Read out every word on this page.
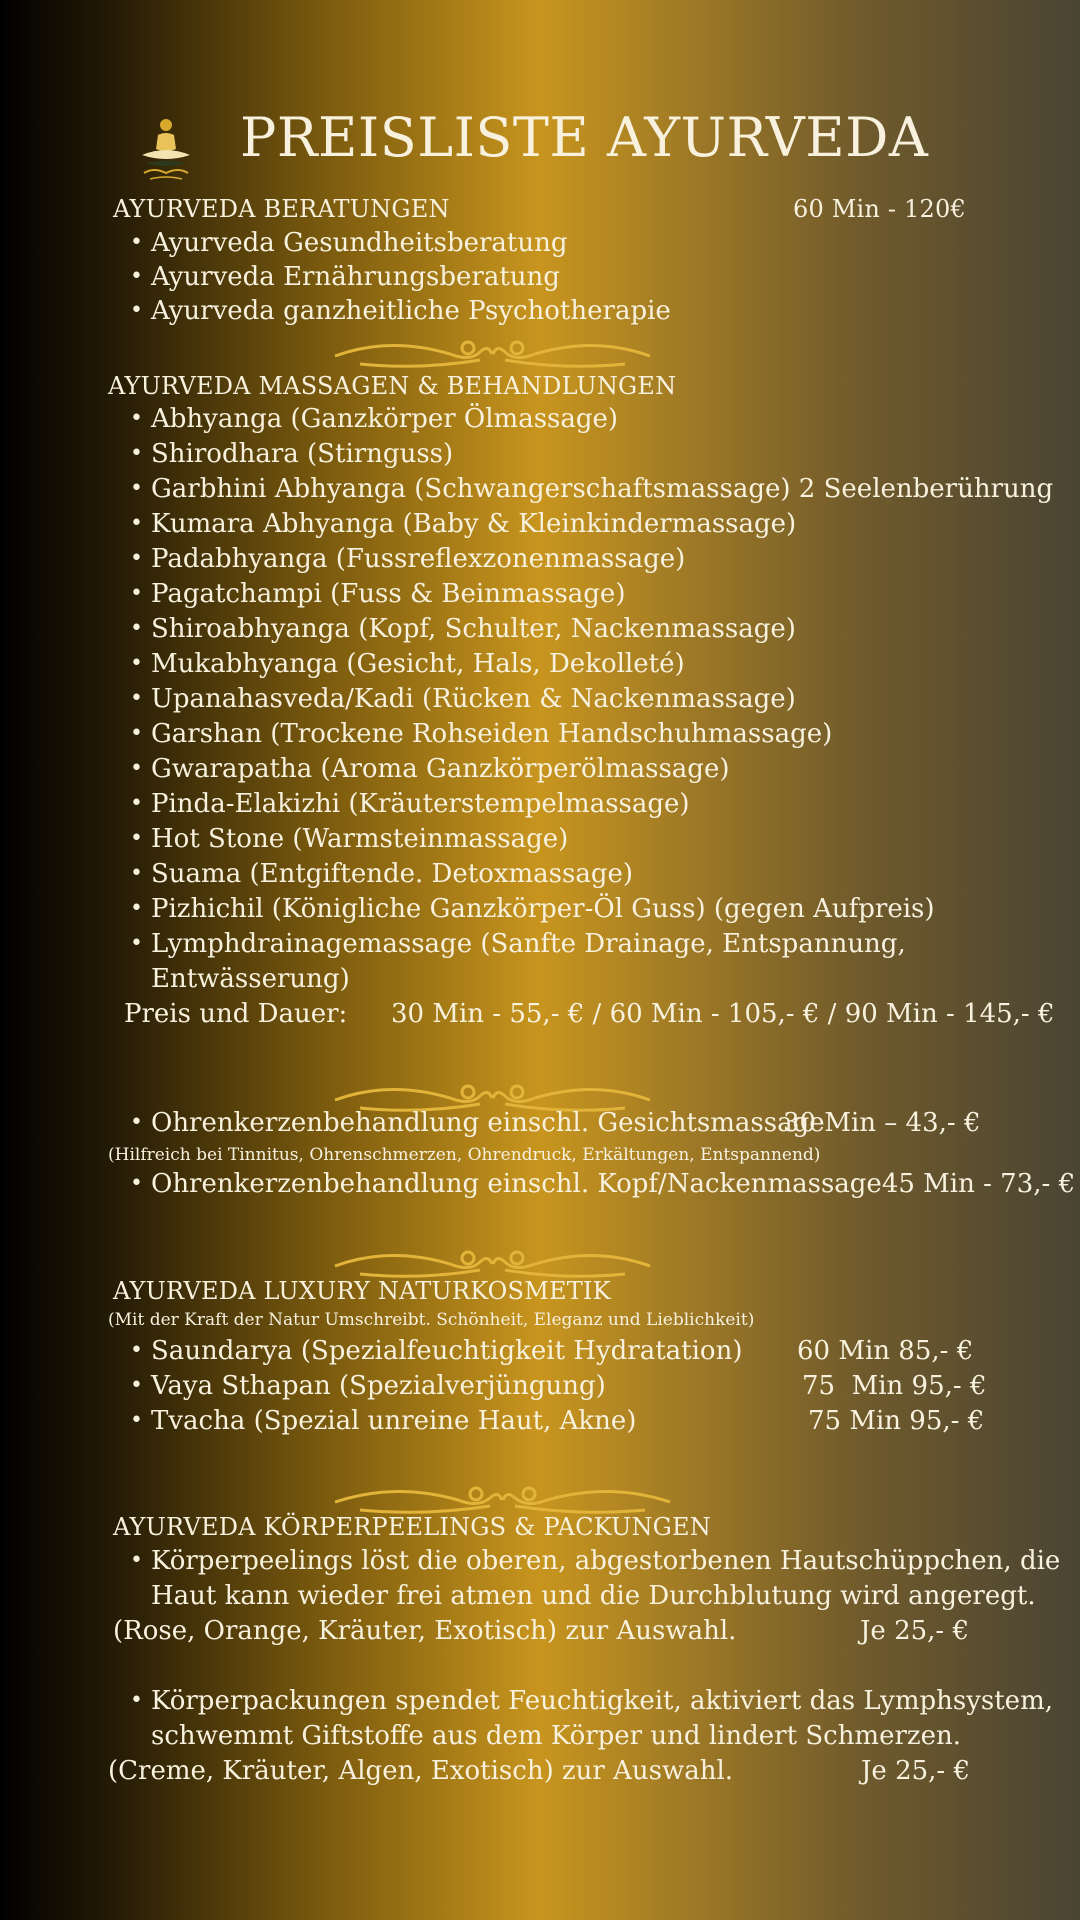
PREISLISTE AYURVEDA
AYURVEDA BERATUNGEN	60 Min - 120€
• Ayurveda Gesundheitsberatung
• Ayurveda Ernährungsberatung
• Ayurveda ganzheitliche Psychotherapie
AYURVEDA MASSAGEN & BEHANDLUNGEN
• Abhyanga (Ganzkörper Ölmassage)
• Shirodhara (Stirnguss)
• Garbhini Abhyanga (Schwangerschaftsmassage) 2 Seelenberührung
• Kumara Abhyanga (Baby & Kleinkindermassage)
• Padabhyanga (Fussreflexzonenmassage)
• Pagatchampi (Fuss & Beinmassage)
• Shiroabhyanga (Kopf, Schulter, Nackenmassage)
• Mukabhyanga (Gesicht, Hals, Dekolleté)
• Upanahasveda/Kadi (Rücken & Nackenmassage)
• Garshan (Trockene Rohseiden Handschuhmassage)
• Gwarapatha (Aroma Ganzkörperölmassage)
• Pinda-Elakizhi (Kräuterstempelmassage)
• Hot Stone (Warmsteinmassage)
• Suama (Entgiftende. Detoxmassage)
• Pizhichil (Königliche Ganzkörper-Öl Guss) (gegen Aufpreis)
• Lymphdrainagemassage (Sanfte Drainage, Entspannung,
Entwässerung)
Preis und Dauer: 30 Min - 55,- € / 60 Min - 105,- € / 90 Min - 145,- €
• Ohrenkerzenbehandlung einschl. Gesichtsmassage
30 Min – 43,- €
(Hilfreich bei Tinnitus, Ohrenschmerzen, Ohrendruck, Erkältungen, Entspannend)
• Ohrenkerzenbehandlung einschl. Kopf/Nackenmassage45 Min - 73,- €
AYURVEDA LUXURY NATURKOSMETIK
(Mit der Kraft der Natur Umschreibt. Schönheit, Eleganz und Lieblichkeit)
• Saundarya (Spezialfeuchtigkeit Hydratation) 60 Min 85,- €
• Vaya Sthapan (Spezialverjüngung)	75  Min 95,- €
• Tvacha (Spezial unreine Haut, Akne)	75 Min 95,- €
AYURVEDA KÖRPERPEELINGS & PACKUNGEN
• Körperpeelings löst die oberen, abgestorbenen Hautschüppchen, die
Haut kann wieder frei atmen und die Durchblutung wird angeregt.
(Rose, Orange, Kräuter, Exotisch) zur Auswahl.	Je 25,- €
• Körperpackungen spendet Feuchtigkeit, aktiviert das Lymphsystem,
schwemmt Giftstoffe aus dem Körper und lindert Schmerzen.
(Creme, Kräuter, Algen, Exotisch) zur Auswahl.	Je 25,- €
